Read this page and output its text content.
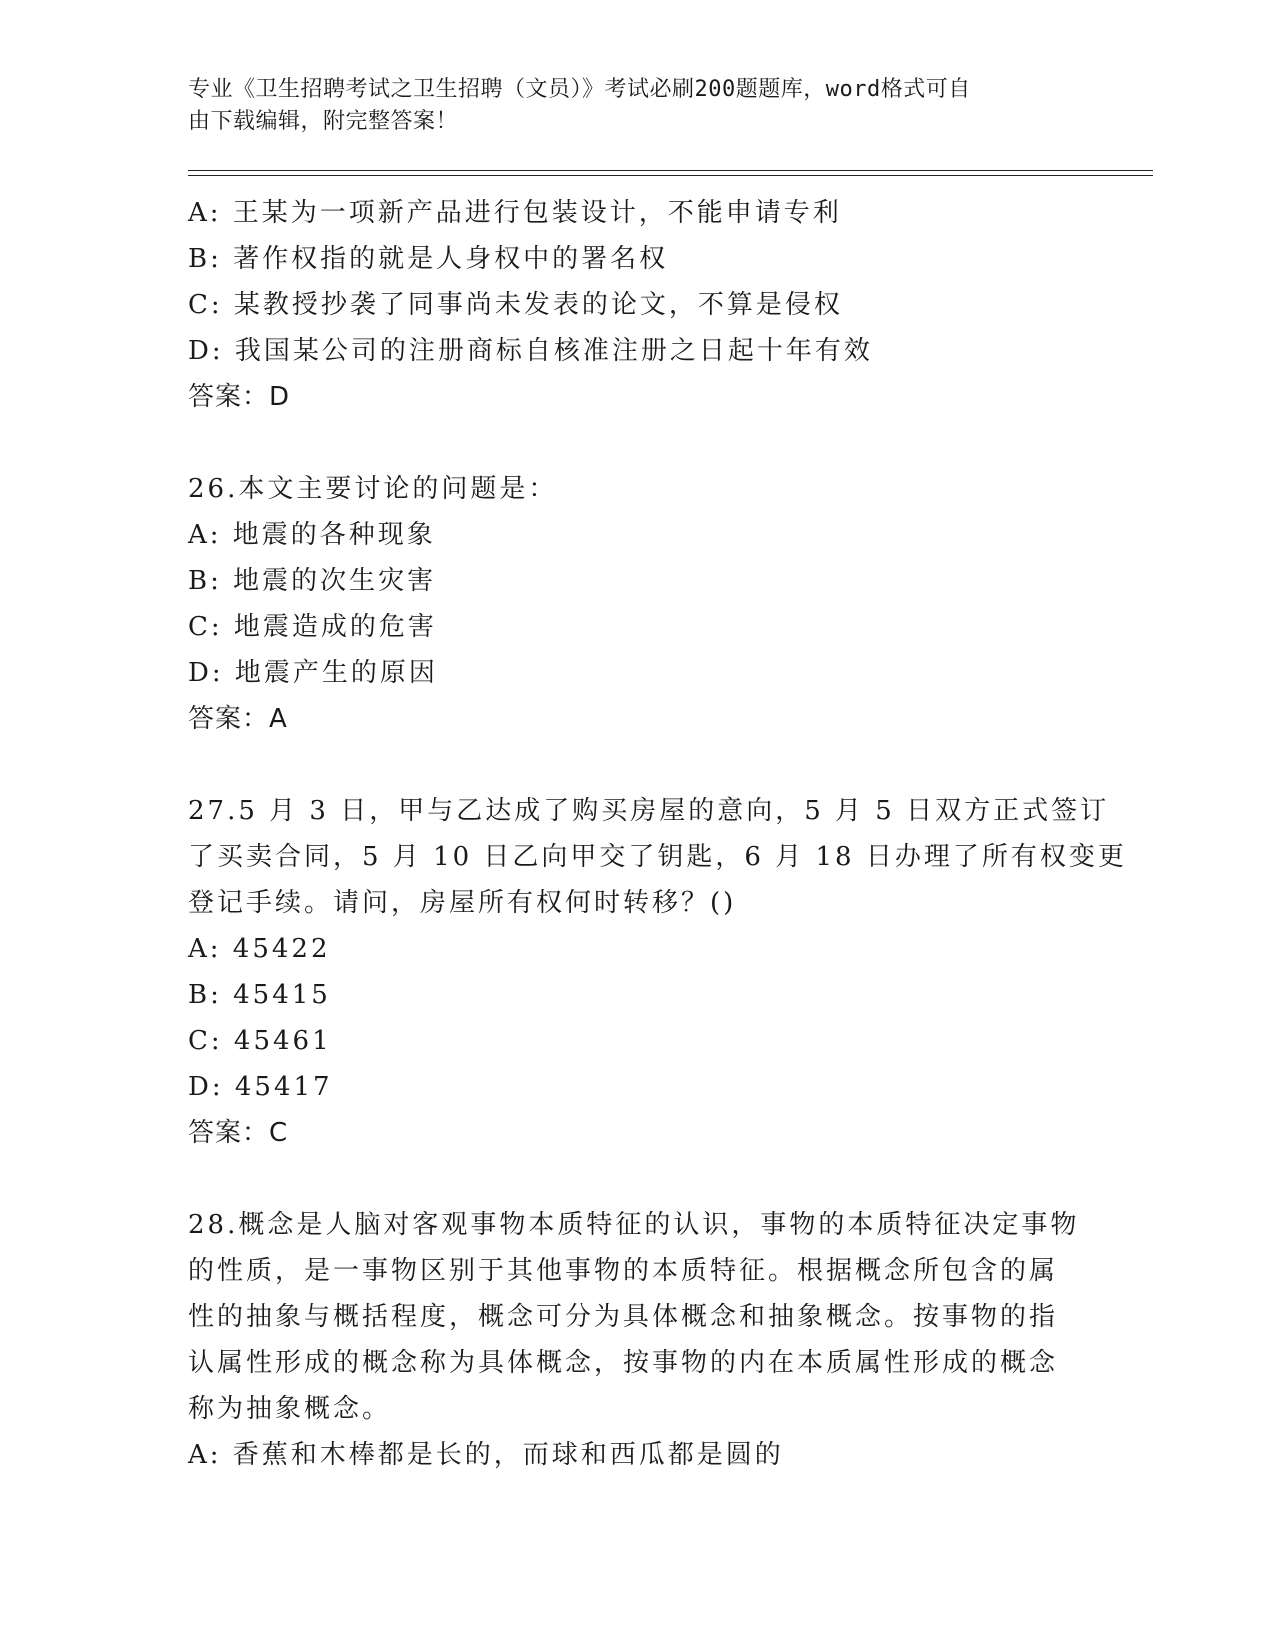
专业《卫生招聘考试之卫生招聘（文员）》考试必刷200题题库，word格式可自
由下载编辑，附完整答案！
A: 王某为一项新产品进行包装设计，不能申请专利
B: 著作权指的就是人身权中的署名权
C: 某教授抄袭了同事尚未发表的论文，不算是侵权
D: 我国某公司的注册商标自核准注册之日起十年有效
答案：D
26.本文主要讨论的问题是：
A: 地震的各种现象
B: 地震的次生灾害
C: 地震造成的危害
D: 地震产生的原因
答案：A
27.5 月 3 日，甲与乙达成了购买房屋的意向，5 月 5 日双方正式签订
了买卖合同，5 月 10 日乙向甲交了钥匙，6 月 18 日办理了所有权变更
登记手续。请问，房屋所有权何时转移？()
A: 45422
B: 45415
C: 45461
D: 45417
答案：C
28.概念是人脑对客观事物本质特征的认识，事物的本质特征决定事物
的性质，是一事物区别于其他事物的本质特征。根据概念所包含的属
性的抽象与概括程度，概念可分为具体概念和抽象概念。按事物的指
认属性形成的概念称为具体概念，按事物的内在本质属性形成的概念
称为抽象概念。
A: 香蕉和木棒都是长的，而球和西瓜都是圆的
